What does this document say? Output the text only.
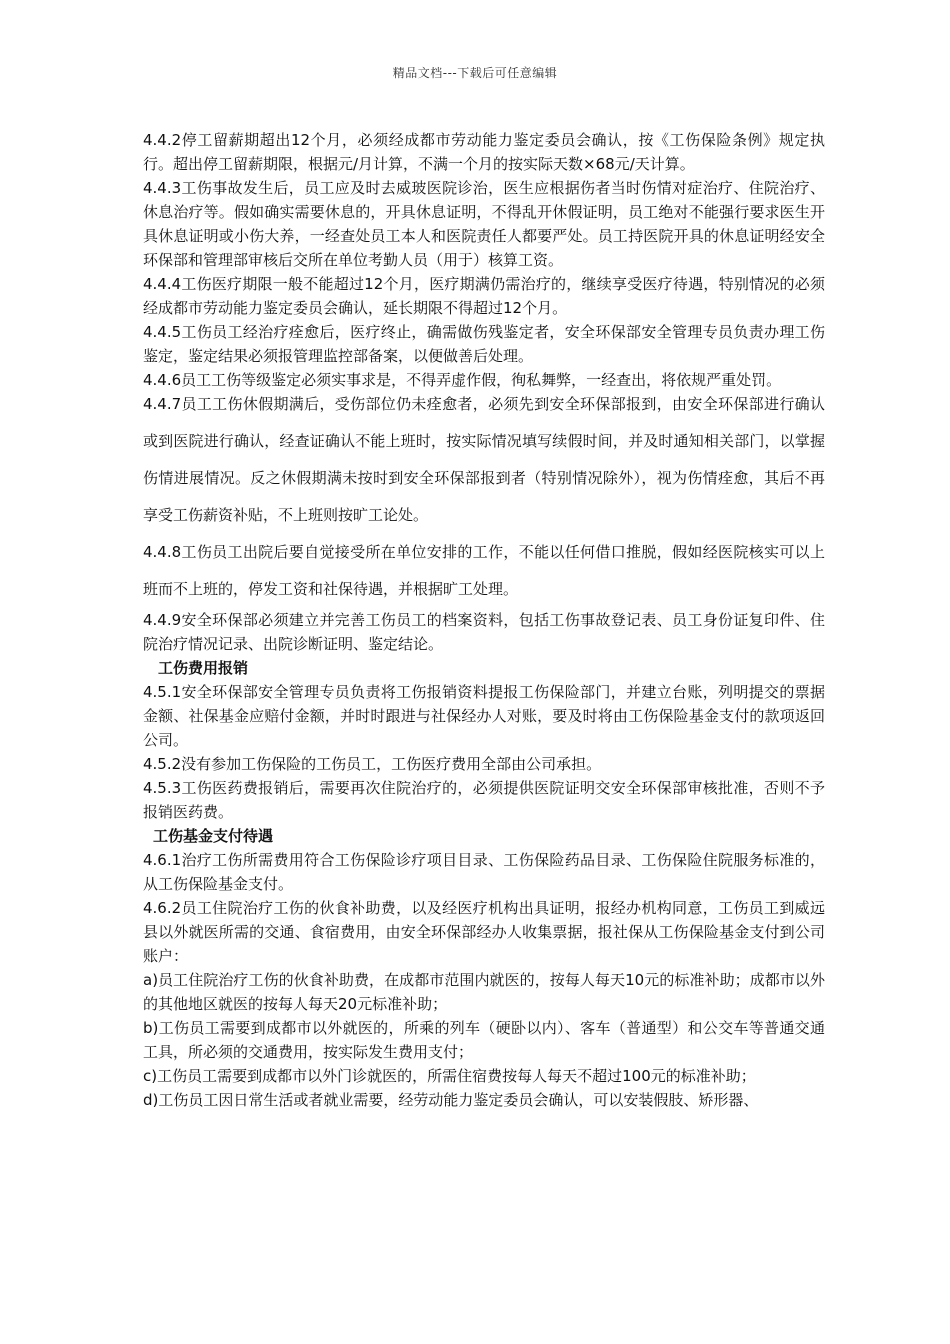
精品文档---下载后可任意编辑

4.4.2停工留薪期超出12个月，必须经成都市劳动能力鉴定委员会确认，按《工伤保险条例》规定执行。超出停工留薪期限，根据元/月计算，不满一个月的按实际天数×68元/天计算。

4.4.3工伤事故发生后，员工应及时去威玻医院诊治，医生应根据伤者当时伤情对症治疗、住院治疗、休息治疗等。假如确实需要休息的，开具休息证明，不得乱开休假证明，员工绝对不能强行要求医生开具休息证明或小伤大养，一经查处员工本人和医院责任人都要严处。员工持医院开具的休息证明经安全环保部和管理部审核后交所在单位考勤人员（用于）核算工资。

4.4.4工伤医疗期限一般不能超过12个月，医疗期满仍需治疗的，继续享受医疗待遇，特别情况的必须经成都市劳动能力鉴定委员会确认，延长期限不得超过12个月。

4.4.5工伤员工经治疗痊愈后，医疗终止，确需做伤残鉴定者，安全环保部安全管理专员负责办理工伤鉴定，鉴定结果必须报管理监控部备案，以便做善后处理。

4.4.6员工工伤等级鉴定必须实事求是，不得弄虚作假，徇私舞弊，一经查出，将依规严重处罚。

4.4.7员工工伤休假期满后，受伤部位仍未痊愈者，必须先到安全环保部报到，由安全环保部进行确认或到医院进行确认，经查证确认不能上班时，按实际情况填写续假时间，并及时通知相关部门，以掌握伤情进展情况。反之休假期满未按时到安全环保部报到者（特别情况除外），视为伤情痊愈，其后不再享受工伤薪资补贴，不上班则按旷工论处。

4.4.8工伤员工出院后要自觉接受所在单位安排的工作，不能以任何借口推脱，假如经医院核实可以上班而不上班的，停发工资和社保待遇，并根据旷工处理。

4.4.9安全环保部必须建立并完善工伤员工的档案资料，包括工伤事故登记表、员工身份证复印件、住院治疗情况记录、出院诊断证明、鉴定结论。

工伤费用报销

4.5.1安全环保部安全管理专员负责将工伤报销资料提报工伤保险部门，并建立台账，列明提交的票据金额、社保基金应赔付金额，并时时跟进与社保经办人对账，要及时将由工伤保险基金支付的款项返回公司。

4.5.2没有参加工伤保险的工伤员工，工伤医疗费用全部由公司承担。

4.5.3工伤医药费报销后，需要再次住院治疗的，必须提供医院证明交安全环保部审核批准，否则不予报销医药费。

工伤基金支付待遇

4.6.1治疗工伤所需费用符合工伤保险诊疗项目目录、工伤保险药品目录、工伤保险住院服务标准的，从工伤保险基金支付。

4.6.2员工住院治疗工伤的伙食补助费，以及经医疗机构出具证明，报经办机构同意，工伤员工到威远县以外就医所需的交通、食宿费用，由安全环保部经办人收集票据，报社保从工伤保险基金支付到公司账户：

a)员工住院治疗工伤的伙食补助费，在成都市范围内就医的，按每人每天10元的标准补助；成都市以外的其他地区就医的按每人每天20元标准补助；

b)工伤员工需要到成都市以外就医的，所乘的列车（硬卧以内）、客车（普通型）和公交车等普通交通工具，所必须的交通费用，按实际发生费用支付；

c)工伤员工需要到成都市以外门诊就医的，所需住宿费按每人每天不超过100元的标准补助；

d)工伤员工因日常生活或者就业需要，经劳动能力鉴定委员会确认，可以安装假肢、矫形器、
